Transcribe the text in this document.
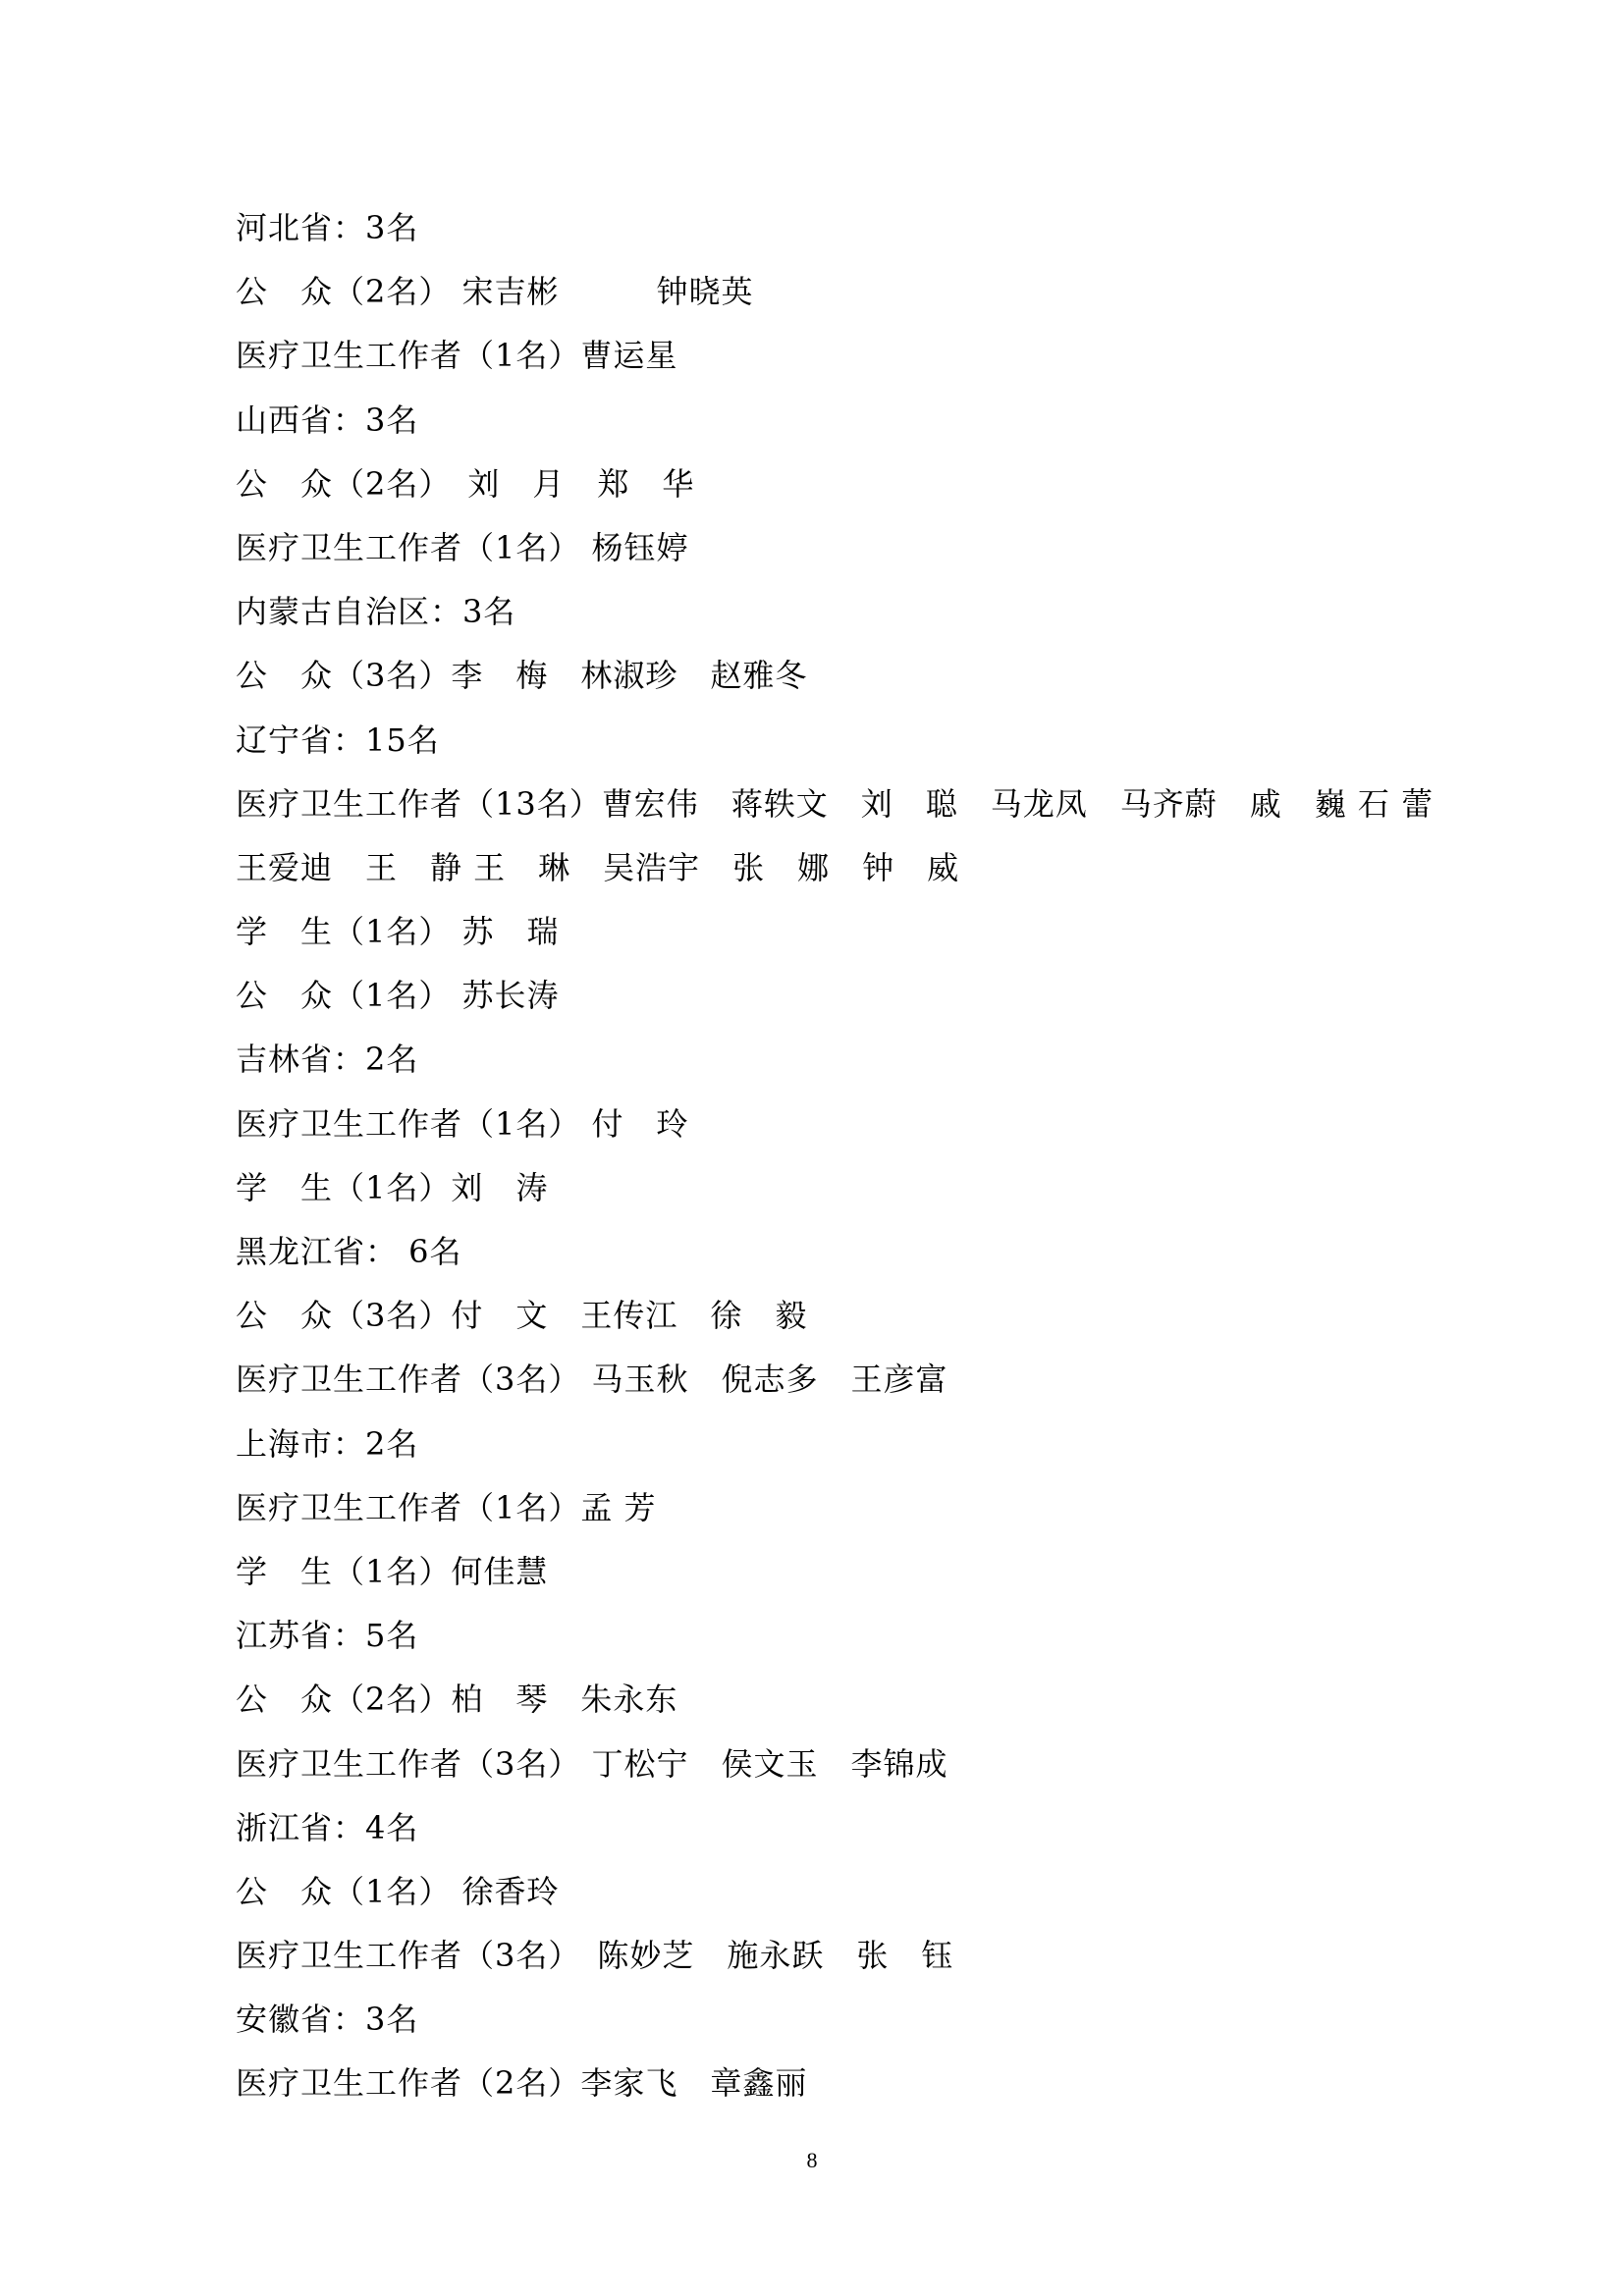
河北省：3名
公　众（2名） 宋吉彬　　　钟晓英
医疗卫生工作者（1名）曹运星
山西省：3名
公　众（2名）　刘　月　郑　华
医疗卫生工作者（1名） 杨钰婷
内蒙古自治区：3名
公　众（3名）李　梅　林淑珍　赵雅冬
辽宁省：15名
医疗卫生工作者（13名）曹宏伟　蒋轶文　刘　聪　马龙凤　马齐蔚　戚　巍 石 蕾
王爱迪　王　静 王　琳　吴浩宇　张　娜　钟　威
学　生（1名） 苏　瑞
公　众（1名） 苏长涛
吉林省：2名
医疗卫生工作者（1名） 付　玲
学　生（1名）刘　涛
黑龙江省： 6名
公　众（3名）付　文　王传江　徐　毅
医疗卫生工作者（3名） 马玉秋　倪志多　王彦富
上海市：2名
医疗卫生工作者（1名）孟 芳
学　生（1名）何佳慧
江苏省：5名
公　众（2名）柏　琴　朱永东
医疗卫生工作者（3名） 丁松宁　侯文玉　李锦成
浙江省：4名
公　众（1名） 徐香玲
医疗卫生工作者（3名）　陈妙芝　施永跃　张　钰
安徽省：3名
医疗卫生工作者（2名）李家飞　章鑫丽
8
